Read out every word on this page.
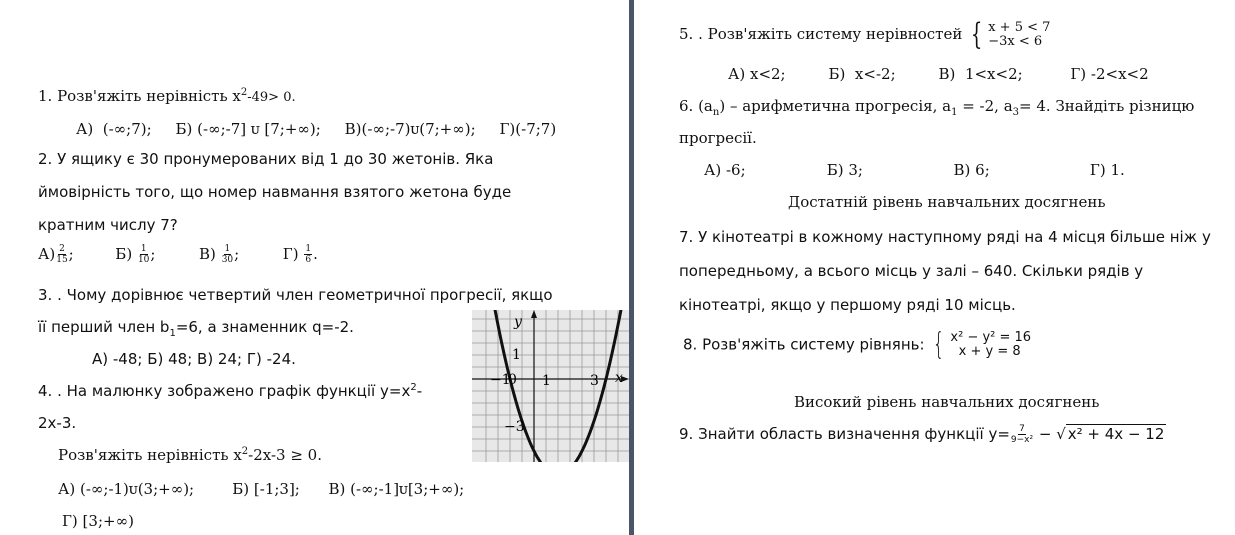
1. Розв'яжіть нерівність $x^2-49> 0$.
А)  (-∞;7);     Б) (-∞;-7] ᴜ [7;+∞);     В)(-∞;-7)ᴜ(7;+∞);     Г)(-7;7)
2. У ящику є 30 пронумерованих від 1 до 30 жетонів. Яка
ймовірність того, що номер навмання взятого жетона буде
кратним числу 7?
$А) \frac{2}{15}$ ;	$Б) \frac{1}{10}$ ;	$В) \frac{1}{30}$ ;	$Г) \frac{1}{6}$ .
3. . Чому дорівнює четвертий член геометричної прогресії, якщо
її перший член $b_1=6$, а знаменник q=-2.
А) -48; Б) 48; В) 24; Г) -24.
4. . На малюнку зображено графік функції $y=x^2-$
2x-3.
Розв'яжіть нерівність $x^2-2x-3 \ge 0$.
А) (-∞;-1)ᴜ(3;+∞);        Б) [-1;3];      В) (-∞;-1]ᴜ[3;+∞);
Г) [3;+∞)
y
x
1
−1
0 1	3
−3
5. . Розв'яжіть систему нерівностей { x + 5 < 7
−3x < 6
А) x<2;         Б)  x<-2;         В)  1<x<2;          Г) -2<x<2
6. $(a_n)$ – арифметична прогресія, $a_1 = -2$, $a_3= 4$. Знайдіть різницю
прогресії.
А) -6;                 Б) 3;                   В) 6;                     Г) 1.
Достатній рівень навчальних досягнень
7. У кінотеатрі в кожному наступному ряді на 4 місця більше ніж у
попередньому, а всього місць у залі – 640. Скільки рядів у
кінотеатрі, якщо у першому ряді 10 місць.
8. Розв'яжіть систему рівнянь: { x² − y² = 16
x + y = 8
Високий рівень навчальних досягнень
9. Знайти область визначення функції $y= \frac{7}{\text{9−x²}}$ − √ x² + 4x − 12
